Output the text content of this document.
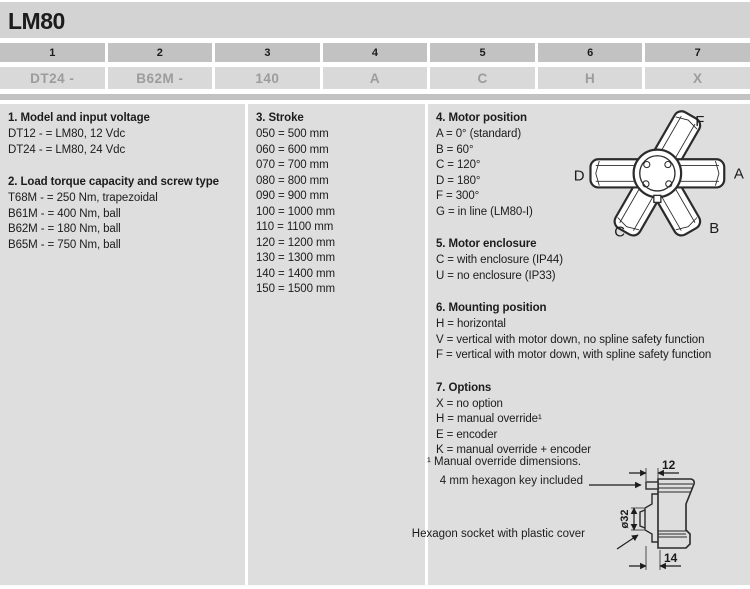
LM80
1	2	3	4	5	6	7
DT24 -	B62M -	140	A	C	H	X
1. Model and input voltage
DT12 - = LM80, 12 Vdc
DT24 - = LM80, 24 Vdc
2. Load torque capacity and screw type
T68M - = 250 Nm, trapezoidal
B61M - = 400 Nm, ball
B62M - = 180 Nm, ball
B65M - = 750 Nm, ball
3. Stroke
050 = 500 mm
060 = 600 mm
070 = 700 mm
080 = 800 mm
090 = 900 mm
100 = 1000 mm
110 = 1100 mm
120 = 1200 mm
130 = 1300 mm
140 = 1400 mm
150 = 1500 mm
4. Motor position
A = 0° (standard)
B = 60°
C = 120°
D = 180°
F = 300°
G = in line (LM80-I)
5. Motor enclosure
C = with enclosure (IP44)
U = no enclosure (IP33)
6. Mounting position
H = horizontal
V = vertical with motor down, no spline safety function
F = vertical with motor down, with spline safety function
7. Options
X = no option
H = manual override¹
E = encoder
K = manual override + encoder
F
A
B
C
D
¹ Manual override dimensions.
4 mm hexagon key included
Hexagon socket with plastic cover
12
ø32
14
